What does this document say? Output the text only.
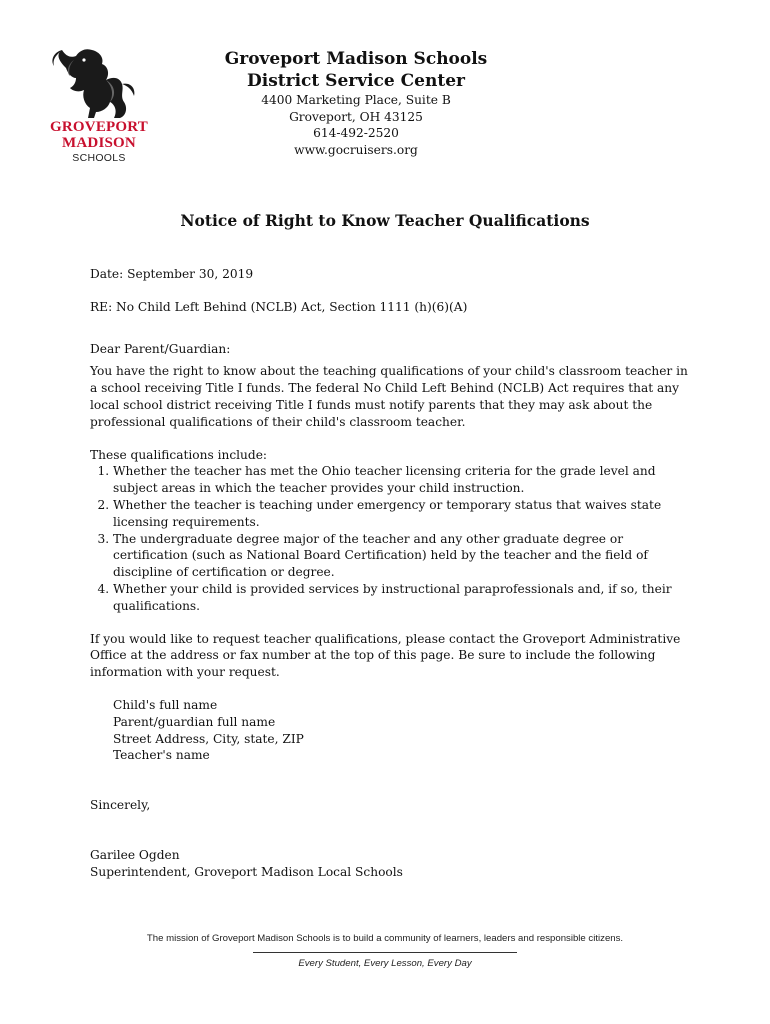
GROVEPORT
MADISON
SCHOOLS
Groveport Madison Schools
District Service Center
4400 Marketing Place, Suite B
Groveport, OH 43125
614-492-2520
www.gocruisers.org
Notice of Right to Know Teacher Qualifications

Date: September 30, 2019

RE: No Child Left Behind (NCLB) Act, Section 1111 (h)(6)(A)

Dear Parent/Guardian:

You have the right to know about the teaching qualifications of your child's classroom teacher in a school receiving Title I funds. The federal No Child Left Behind (NCLB) Act requires that any local school district receiving Title I funds must notify parents that they may ask about the professional qualifications of their child's classroom teacher.

These qualifications include:

1. Whether the teacher has met the Ohio teacher licensing criteria for the grade level and subject areas in which the teacher provides your child instruction.
2. Whether the teacher is teaching under emergency or temporary status that waives state licensing requirements.
3. The undergraduate degree major of the teacher and any other graduate degree or certification (such as National Board Certification) held by the teacher and the field of discipline of certification or degree.
4. Whether your child is provided services by instructional paraprofessionals and, if so, their qualifications.

If you would like to request teacher qualifications, please contact the Groveport Administrative Office at the address or fax number at the top of this page. Be sure to include the following information with your request.

Child's full name
Parent/guardian full name
Street Address, City, state, ZIP
Teacher's name

Sincerely,

Garilee Ogden

Superintendent, Groveport Madison Local Schools

The mission of Groveport Madison Schools is to build a community of learners, leaders and responsible citizens.
Every Student, Every Lesson, Every Day
